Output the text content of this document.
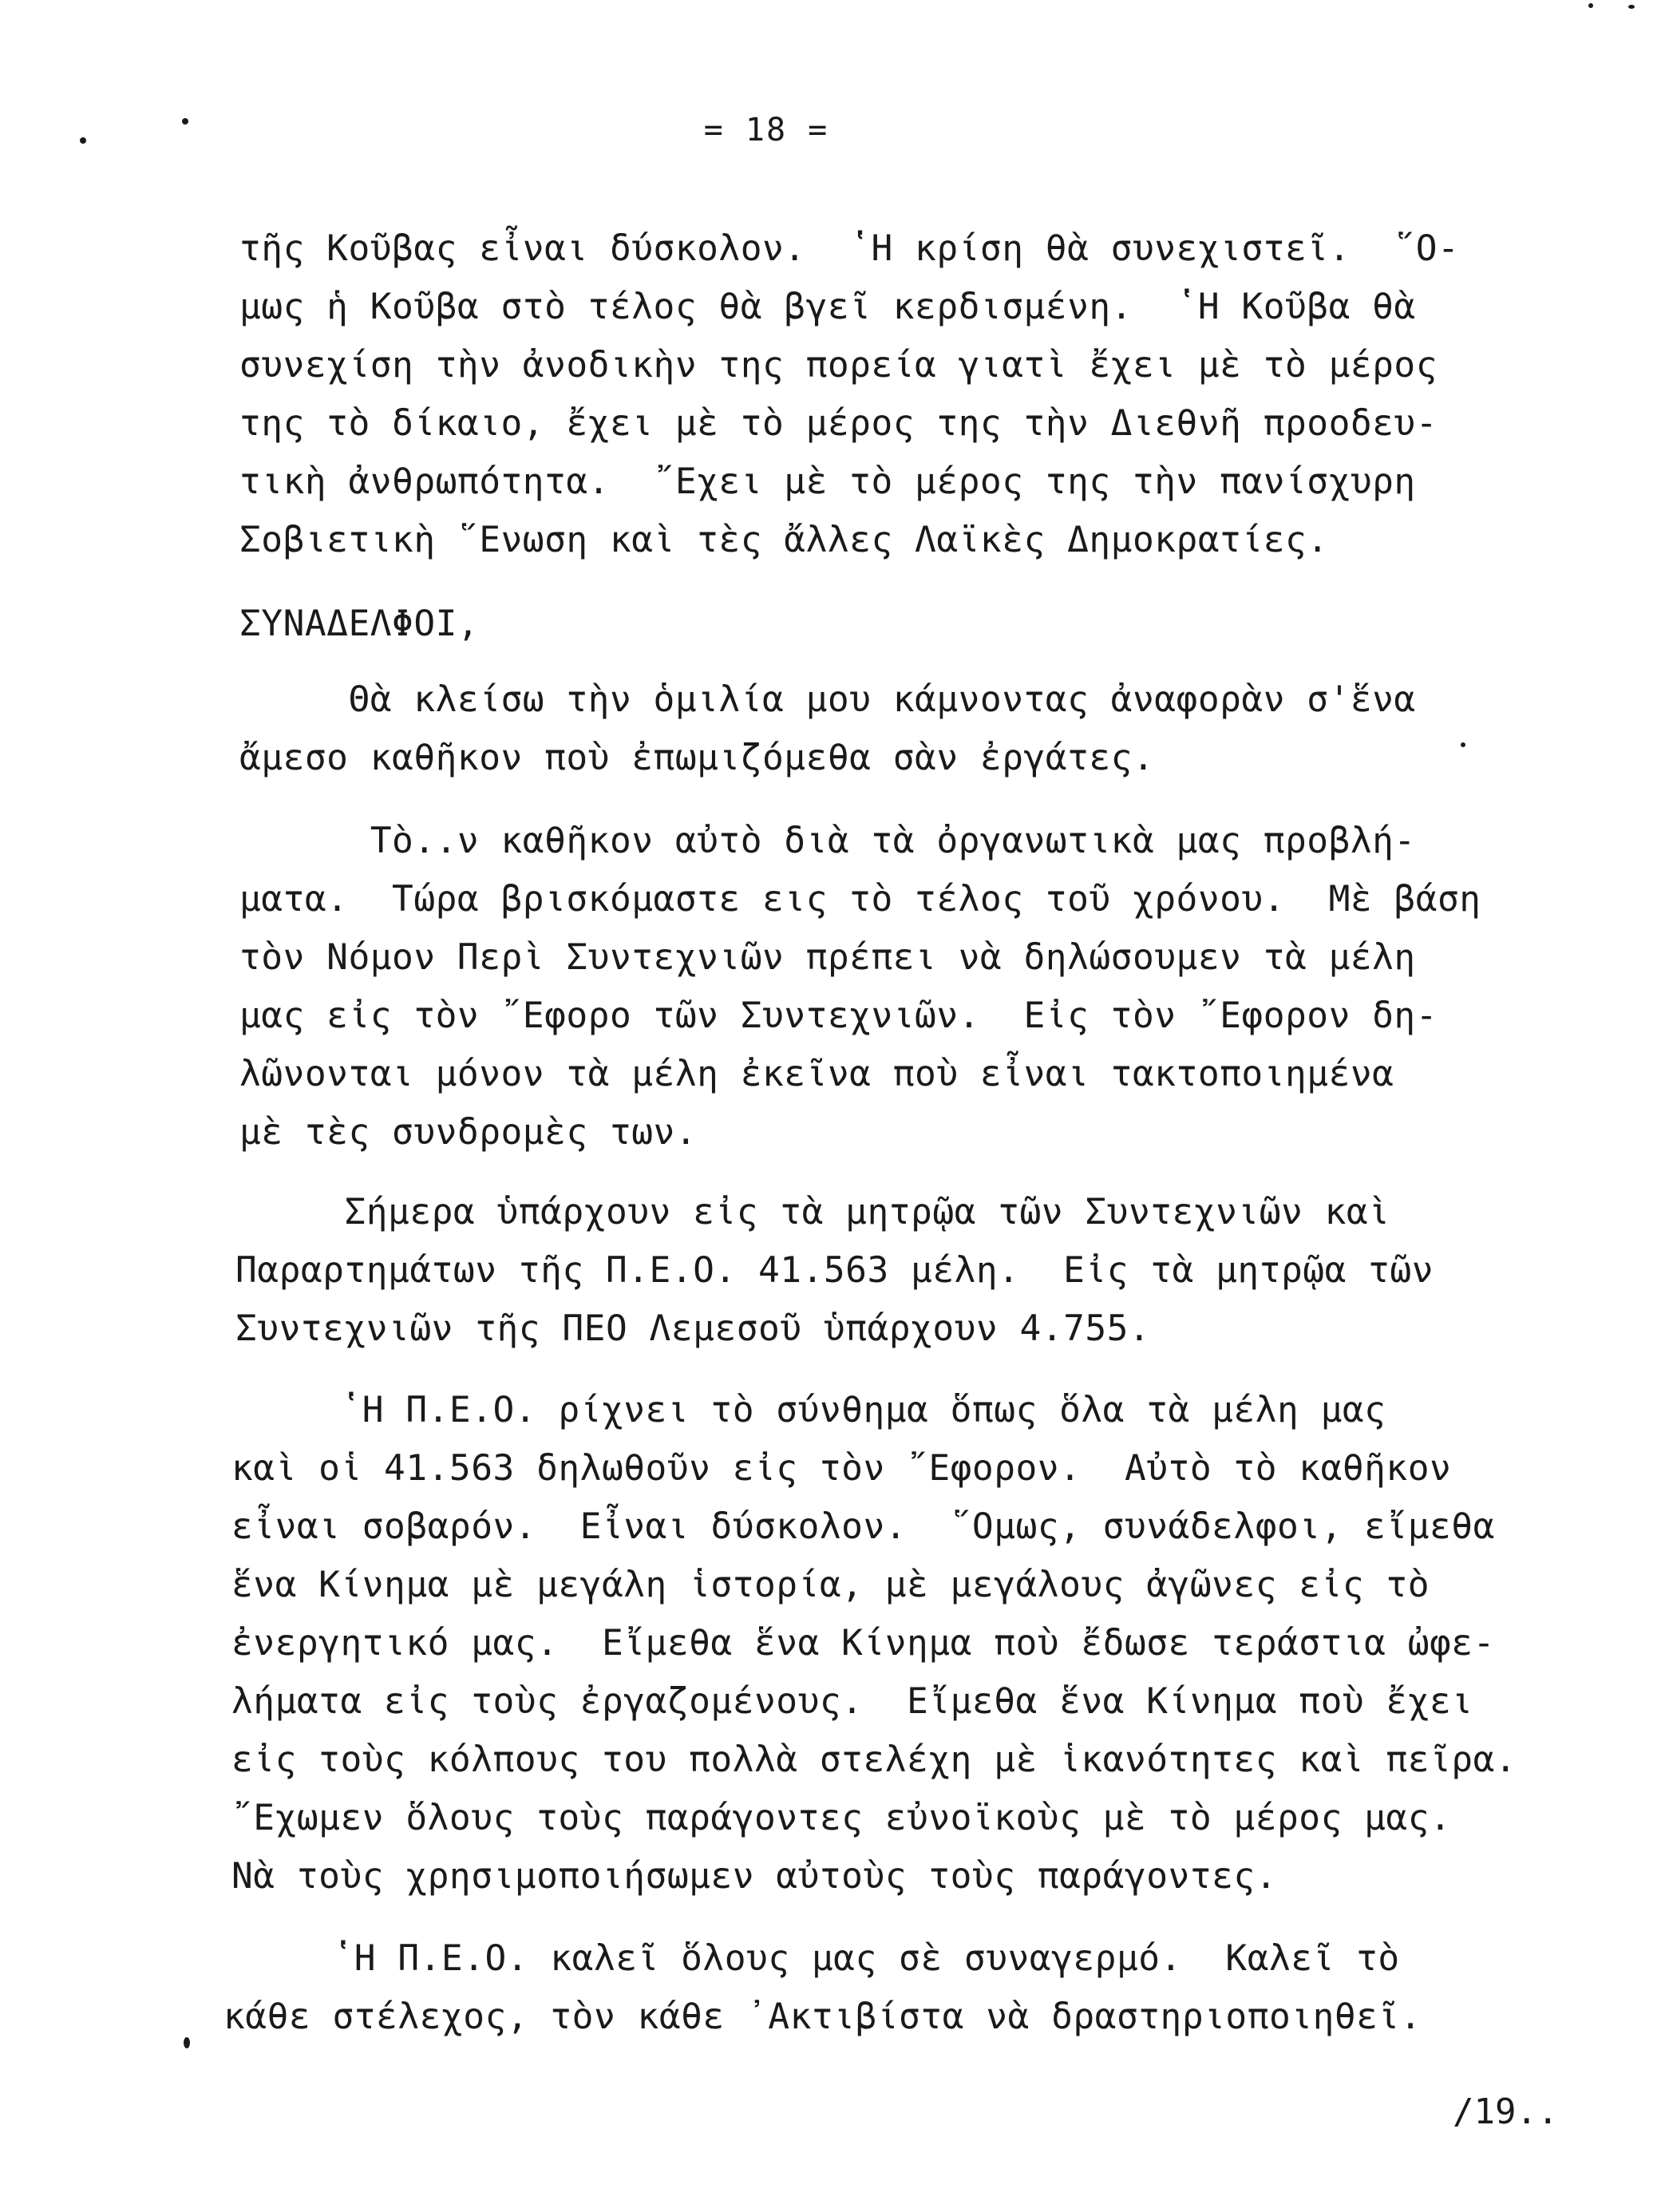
= 18 =
τῆς Κοῦβας εἶναι δύσκολον.  ʽΗ κρίση θὰ συνεχιστεῖ.  ῞Ο-
μως ἡ Κοῦβα στὸ τέλος θὰ βγεῖ κερδισμένη.  ʽΗ Κοῦβα θὰ
συνεχίση τὴν ἀνοδικὴν της πορεία γιατὶ ἔχει μὲ τὸ μέρος
της τὸ δίκαιο, ἔχει μὲ τὸ μέρος της τὴν Διεθνῆ προοδευ-
τικὴ ἀνθρωπότητα.  ῎Εχει μὲ τὸ μέρος της τὴν πανίσχυρη
Σοβιετικὴ ῞Ενωση καὶ τὲς ἄλλες Λαϊκὲς Δημοκρατίες.
ΣΥΝΑΔΕΛΦΟΙ,
Θὰ κλείσω τὴν ὁμιλία μου κάμνοντας ἀναφορὰν σ'ἕνα
ἄμεσο καθῆκον ποὺ ἐπωμιζόμεθα σὰν ἐργάτες.
Τὸ..ν καθῆκον αὐτὸ διὰ τὰ ὀργανωτικὰ μας προβλή-
ματα.  Τώρα βρισκόμαστε εις τὸ τέλος τοῦ χρόνου.  Μὲ βάση
τὸν Νόμον Περὶ Συντεχνιῶν πρέπει νὰ δηλώσουμεν τὰ μέλη
μας εἰς τὸν ῎Εφορο τῶν Συντεχνιῶν.  Εἰς τὸν ῎Εφορον δη-
λῶνονται μόνον τὰ μέλη ἐκεῖνα ποὺ εἶναι τακτοποιημένα
μὲ τὲς συνδρομὲς των.
Σήμερα ὑπάρχουν εἰς τὰ μητρῷα τῶν Συντεχνιῶν καὶ
Παραρτημάτων τῆς Π.Ε.Ο. 41.563 μέλη.  Εἰς τὰ μητρῷα τῶν
Συντεχνιῶν τῆς ΠΕΟ Λεμεσοῦ ὑπάρχουν 4.755.
ʽΗ Π.Ε.Ο. ρίχνει τὸ σύνθημα ὅπως ὅλα τὰ μέλη μας
καὶ οἱ 41.563 δηλωθοῦν εἰς τὸν ῎Εφορον.  Αὐτὸ τὸ καθῆκον
εἶναι σοβαρόν.  Εἶναι δύσκολον.  ῞Ομως, συνάδελφοι, εἴμεθα
ἕνα Κίνημα μὲ μεγάλη ἱστορία, μὲ μεγάλους ἀγῶνες εἰς τὸ
ἐνεργητικό μας.  Εἴμεθα ἕνα Κίνημα ποὺ ἔδωσε τεράστια ὠφε-
λήματα εἰς τοὺς ἐργαζομένους.  Εἴμεθα ἕνα Κίνημα ποὺ ἔχει
εἰς τοὺς κόλπους του πολλὰ στελέχη μὲ ἱκανότητες καὶ πεῖρα.
῎Εχωμεν ὅλους τοὺς παράγοντες εὐνοϊκοὺς μὲ τὸ μέρος μας.
Νὰ τοὺς χρησιμοποιήσωμεν αὐτοὺς τοὺς παράγοντες.
ʽΗ Π.Ε.Ο. καλεῖ ὅλους μας σὲ συναγερμό.  Καλεῖ τὸ
κάθε στέλεχος, τὸν κάθε ᾿Ακτιβίστα νὰ δραστηριοποιηθεῖ.
/19..
